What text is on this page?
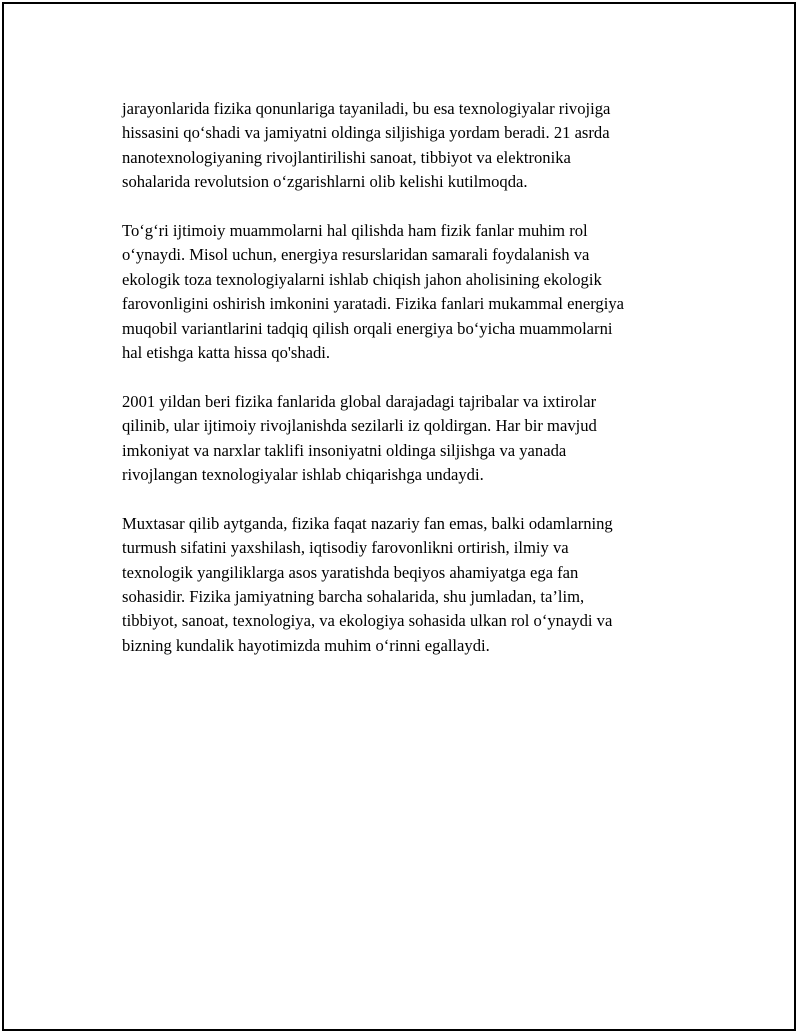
jarayonlarida fizika qonunlariga tayaniladi, bu esa texnologiyalar rivojiga
hissasini qo‘shadi va jamiyatni oldinga siljishiga yordam beradi. 21 asrda
nanotexnologiyaning rivojlantirilishi sanoat, tibbiyot va elektronika
sohalarida revolutsion o‘zgarishlarni olib kelishi kutilmoqda.

To‘g‘ri ijtimoiy muammolarni hal qilishda ham fizik fanlar muhim rol
o‘ynaydi. Misol uchun, energiya resurslaridan samarali foydalanish va
ekologik toza texnologiyalarni ishlab chiqish jahon aholisining ekologik
farovonligini oshirish imkonini yaratadi. Fizika fanlari mukammal energiya
muqobil variantlarini tadqiq qilish orqali energiya bo‘yicha muammolarni
hal etishga katta hissa qo'shadi.

2001 yildan beri fizika fanlarida global darajadagi tajribalar va ixtirolar
qilinib, ular ijtimoiy rivojlanishda sezilarli iz qoldirgan. Har bir mavjud
imkoniyat va narxlar taklifi insoniyatni oldinga siljishga va yanada
rivojlangan texnologiyalar ishlab chiqarishga undaydi.

Muxtasar qilib aytganda, fizika faqat nazariy fan emas, balki odamlarning
turmush sifatini yaxshilash, iqtisodiy farovonlikni ortirish, ilmiy va
texnologik yangiliklarga asos yaratishda beqiyos ahamiyatga ega fan
sohasidir. Fizika jamiyatning barcha sohalarida, shu jumladan, ta’lim,
tibbiyot, sanoat, texnologiya, va ekologiya sohasida ulkan rol o‘ynaydi va
bizning kundalik hayotimizda muhim o‘rinni egallaydi.
